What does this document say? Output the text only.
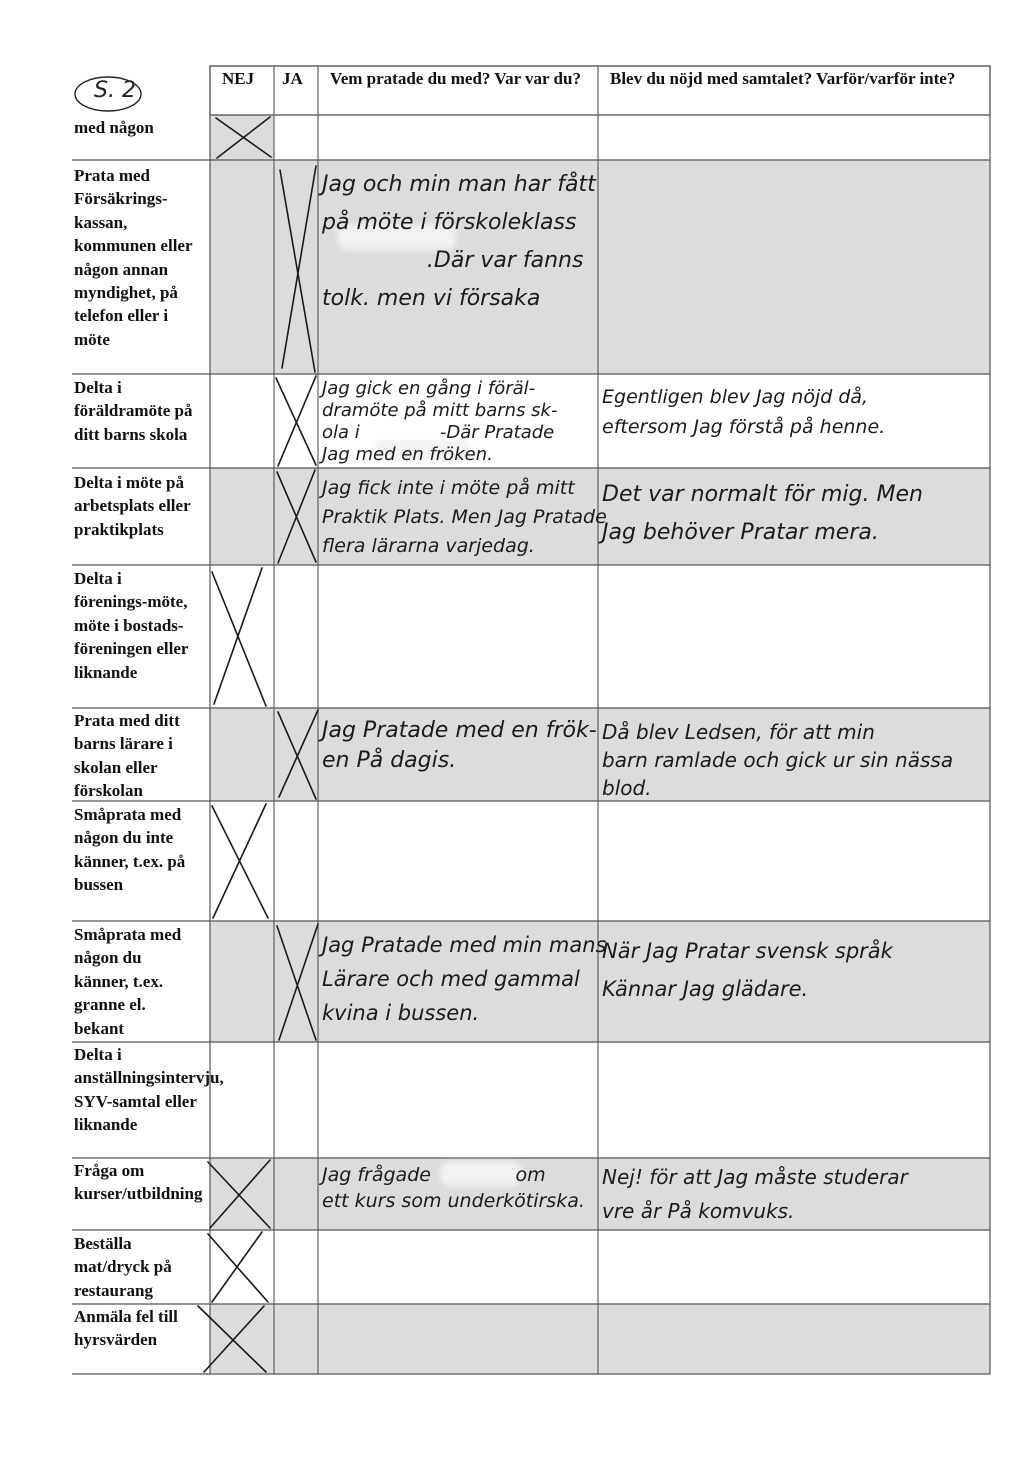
S. 2	NEJ JA Vem pratade du med? Var var du?	Blev du nöjd med samtalet? Varför/varför inte?
med någon
Prata med Försäkrings-kassan, kommunen eller någon annan myndighet, på telefon eller i möte
Delta i föräldramöte på ditt barns skola
Delta i möte på arbetsplats eller praktikplats
Delta i förenings-möte, möte i bostads-föreningen eller liknande
Prata med ditt barns lärare i skolan eller förskolan
Småprata med någon du inte känner, t.ex. på bussen
Småprata med någon du känner, t.ex. granne el. bekant
Delta i anställningsintervju, SYV-samtal eller liknande
Fråga om kurser/utbildning
Beställa mat/dryck på restaurang
Anmäla fel till hyrsvärden
Jag och min man har fått
på möte i förskoleklass
.Där var fanns
tolk. men vi försaka
Jag gick en gång i föräl-
dramöte på mitt barns sk-
ola i              -Där Pratade
Jag med en fröken.
Jag fick inte i möte på mitt
Praktik Plats. Men Jag Pratade
flera lärarna varjedag.
Jag Pratade med en frök-
en På dagis.
Jag Pratade med min mans
Lärare och med gammal
kvina i bussen.
Jag frågade              om
ett kurs som underkötirska.
Egentligen blev Jag nöjd då,
eftersom Jag förstå på henne.
Det var normalt för mig. Men
Jag behöver Pratar mera.
Då blev Ledsen, för att min
barn ramlade och gick ur sin nässa
blod.
När Jag Pratar svensk språk
Kännar Jag glädare.
Nej! för att Jag måste studerar
vre år På komvuks.
